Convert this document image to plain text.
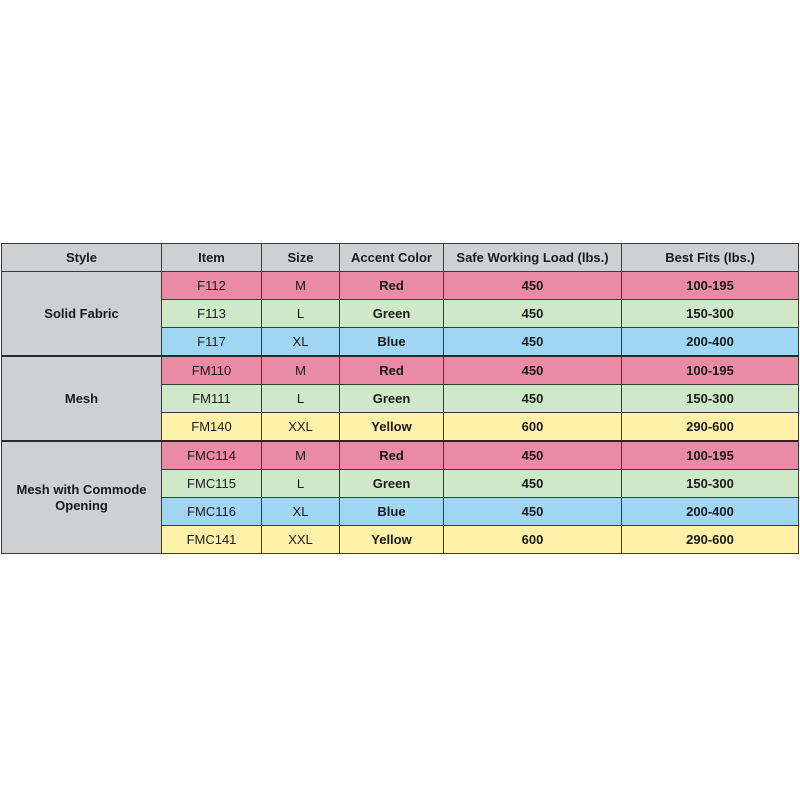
Style	Item	Size	Accent Color	Safe Working Load (lbs.)	Best Fits (lbs.)
Solid Fabric	F112	M	Red	450	100-195
	F113	L	Green	450	150-300
	F117	XL	Blue	450	200-400
Mesh	FM110	M	Red	450	100-195
	FM111	L	Green	450	150-300
	FM140	XXL	Yellow	600	290-600
Mesh with Commode Opening	FMC114	M	Red	450	100-195
	FMC115	L	Green	450	150-300
	FMC116	XL	Blue	450	200-400
	FMC141	XXL	Yellow	600	290-600
